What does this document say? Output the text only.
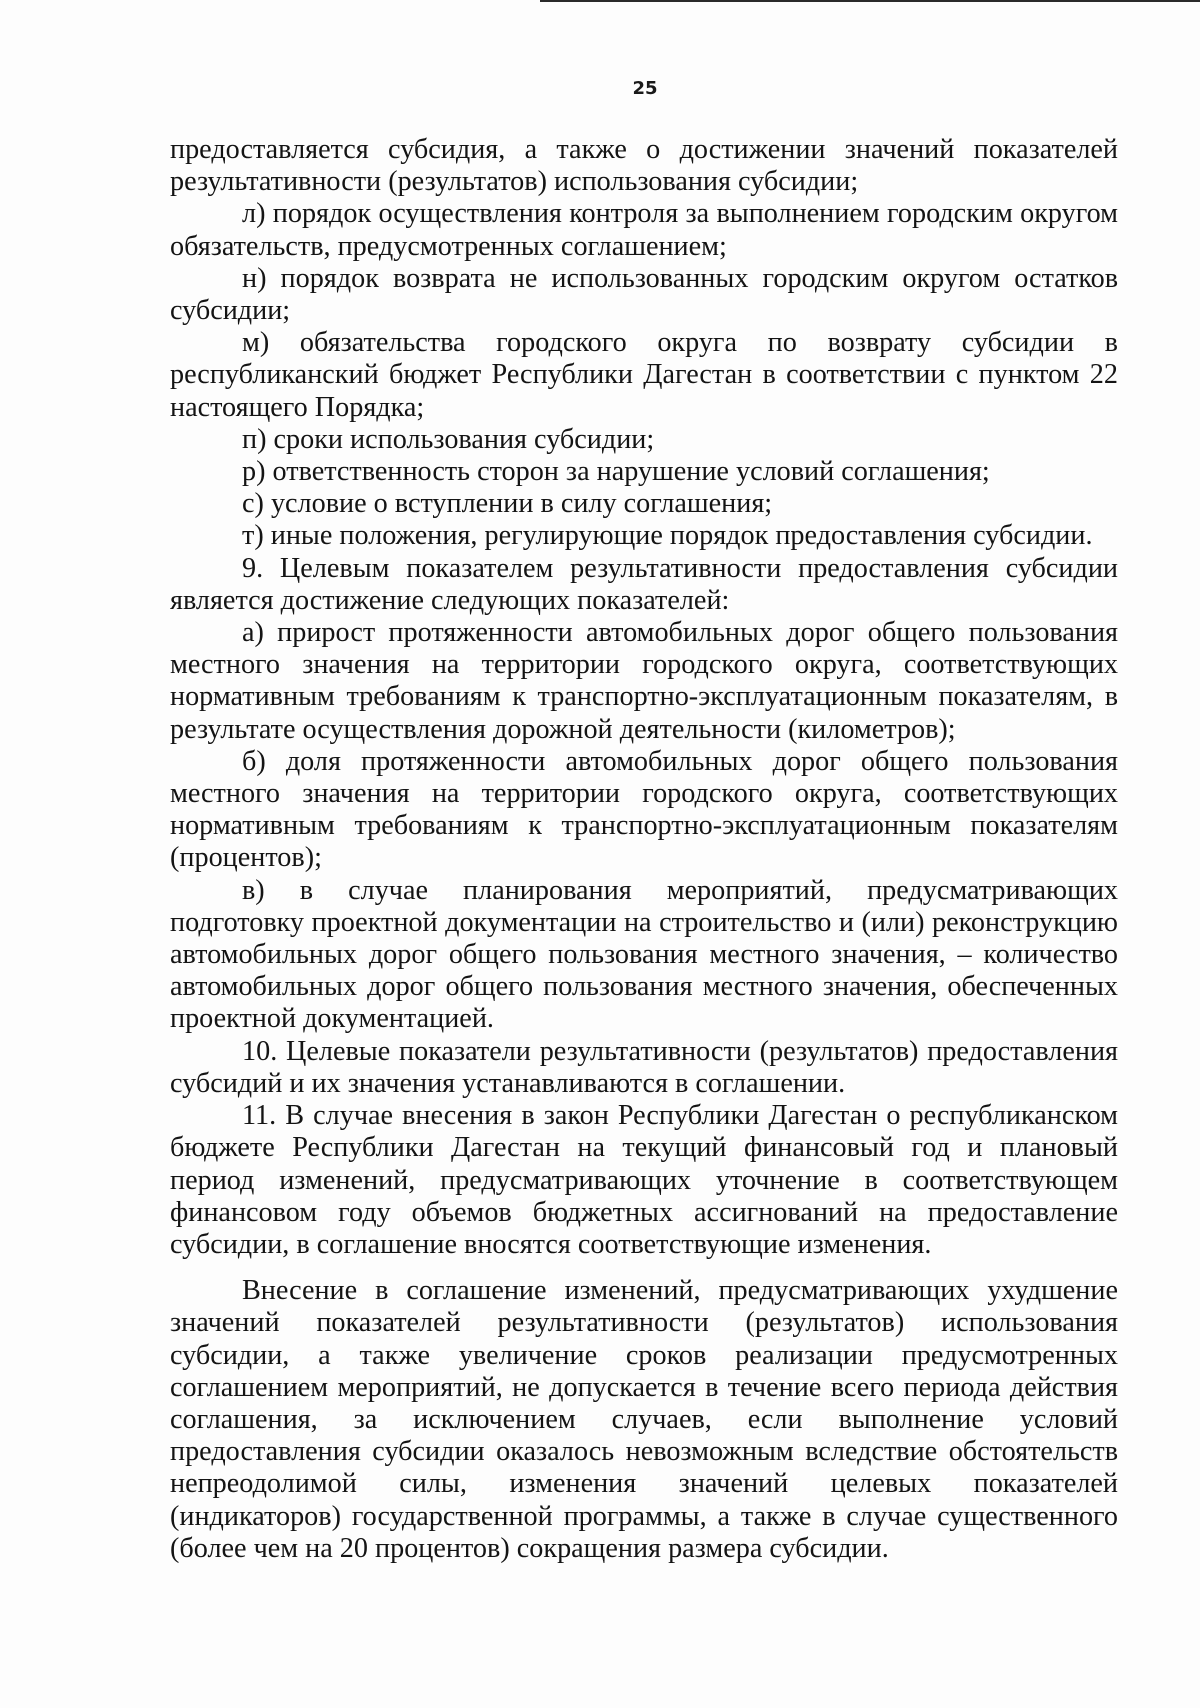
25

предоставляется субсидия, а также о достижении значений показателей результативности (результатов) использования субсидии;

л) порядок осуществления контроля за выполнением городским округом обязательств, предусмотренных соглашением;

н) порядок возврата не использованных городским округом остатков субсидии;

м) обязательства городского округа по возврату субсидии в республиканский бюджет Республики Дагестан в соответствии с пунктом 22 настоящего Порядка;

п) сроки использования субсидии;

р) ответственность сторон за нарушение условий соглашения;

с) условие о вступлении в силу соглашения;

т) иные положения, регулирующие порядок предоставления субсидии.

9. Целевым показателем результативности предоставления субсидии является достижение следующих показателей:

а) прирост протяженности автомобильных дорог общего пользования местного значения на территории городского округа, соответствующих нормативным требованиям к транспортно-эксплуатационным показателям, в результате осуществления дорожной деятельности (километров);

б) доля протяженности автомобильных дорог общего пользования местного значения на территории городского округа, соответствующих нормативным требованиям к транспортно-эксплуатационным показателям (процентов);

в) в случае планирования мероприятий, предусматривающих подготовку проектной документации на строительство и (или) реконструкцию автомобильных дорог общего пользования местного значения, – количество автомобильных дорог общего пользования местного значения, обеспеченных проектной документацией.

10. Целевые показатели результативности (результатов) предоставления субсидий и их значения устанавливаются в соглашении.

11. В случае внесения в закон Республики Дагестан о республиканском бюджете Республики Дагестан на текущий финансовый год и плановый период изменений, предусматривающих уточнение в соответствующем финансовом году объемов бюджетных ассигнований на предоставление субсидии, в соглашение вносятся соответствующие изменения.

Внесение в соглашение изменений, предусматривающих ухудшение значений показателей результативности (результатов) использования субсидии, а также увеличение сроков реализации предусмотренных соглашением мероприятий, не допускается в течение всего периода действия соглашения, за исключением случаев, если выполнение условий предоставления субсидии оказалось невозможным вследствие обстоятельств непреодолимой силы, изменения значений целевых показателей (индикаторов) государственной программы, а также в случае существенного (более чем на 20 процентов) сокращения размера субсидии.
